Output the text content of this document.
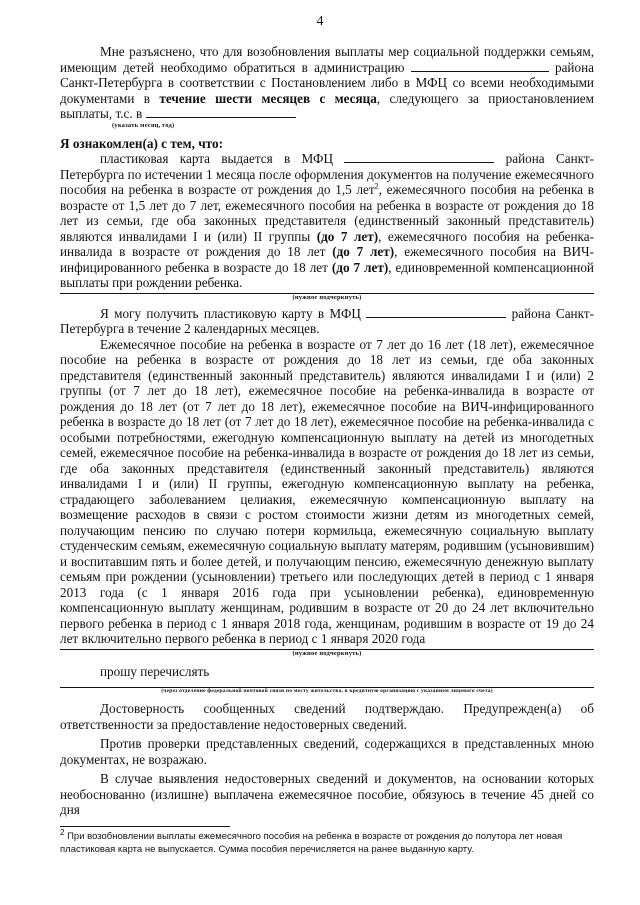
4

Мне разъяснено, что для возобновления выплаты мер социальной поддержки семьям, имеющим детей необходимо обратиться в администрацию	района Санкт-Петербурга в соответствии с Постановлением либо в МФЦ со всеми необходимыми документами в течение шести месяцев с месяца, следующего за приостановлением выплаты, т.с. в

(указать месяц, год)

Я ознакомлен(а) с тем, что:

пластиковая карта выдается в МФЦ	района Санкт-Петербурга по истечении 1 месяца после оформления документов на получение ежемесячного пособия на ребенка в возрасте от рождения до 1,5 лет$^2$, ежемесячного пособия на ребенка в возрасте от 1,5 лет до 7 лет, ежемесячного пособия на ребенка в возрасте от рождения до 18 лет из семьи, где оба законных представителя (единственный законный представитель) являются инвалидами I и (или) II группы (до 7 лет), ежемесячного пособия на ребенка-инвалида в возрасте от рождения до 18 лет (до 7 лет), ежемесячного пособия на ВИЧ-инфицированного ребенка в возрасте до 18 лет (до 7 лет), единовременной компенсационной выплаты при рождении ребенка.

(нужное подчеркнуть)

Я могу получить пластиковую карту в МФЦ	района Санкт-Петербурга в течение 2 календарных месяцев.

Ежемесячное пособие на ребенка в возрасте от 7 лет до 16 лет (18 лет), ежемесячное пособие на ребенка в возрасте от рождения до 18 лет из семьи, где оба законных представителя (единственный законный представитель) являются инвалидами I и (или) 2 группы (от 7 лет до 18 лет), ежемесячное пособие на ребенка-инвалида в возрасте от рождения до 18 лет (от 7 лет до 18 лет), ежемесячное пособие на ВИЧ-инфицированного ребенка в возрасте до 18 лет (от 7 лет до 18 лет), ежемесячное пособие на ребенка-инвалида с особыми потребностями, ежегодную компенсационную выплату на детей из многодетных семей, ежемесячное пособие на ребенка-инвалида в возрасте от рождения до 18 лет из семьи, где оба законных представителя (единственный законный представитель) являются инвалидами I и (или) II группы, ежегодную компенсационную выплату на ребенка, страдающего заболеванием целиакия, ежемесячную компенсационную выплату на возмещение расходов в связи с ростом стоимости жизни детям из многодетных семей, получающим пенсию по случаю потери кормильца, ежемесячную социальную выплату студенческим семьям, ежемесячную социальную выплату матерям, родившим (усыновившим) и воспитавшим пять и более детей, и получающим пенсию, ежемесячную денежную выплату семьям при рождении (усыновлении) третьего или последующих детей в период с 1 января 2013 года (с 1 января 2016 года при усыновлении ребенка), единовременную компенсационную выплату женщинам, родившим в возрасте от 20 до 24 лет включительно первого ребенка в период с 1 января 2018 года, женщинам, родившим в возрасте от 19 до 24 лет включительно первого ребенка в период с 1 января 2020 года

(нужное подчеркнуть)

прошу перечислять

(через отделение федеральной почтовой связи по месту жительства, в кредитную организацию с указанием лицевого счета)

Достоверность сообщенных сведений подтверждаю. Предупрежден(а) об ответственности за предоставление недостоверных сведений.

Против проверки представленных сведений, содержащихся в представленных мною документах, не возражаю.

В случае выявления недостоверных сведений и документов, на основании которых необоснованно (излишне) выплачена ежемесячное пособие, обязуюсь в течение 45 дней со дня

$^2$ При возобновлении выплаты ежемесячного пособия на ребенка в возрасте от рождения до полутора лет новая пластиковая карта не выпускается. Сумма пособия перечисляется на ранее выданную карту.
